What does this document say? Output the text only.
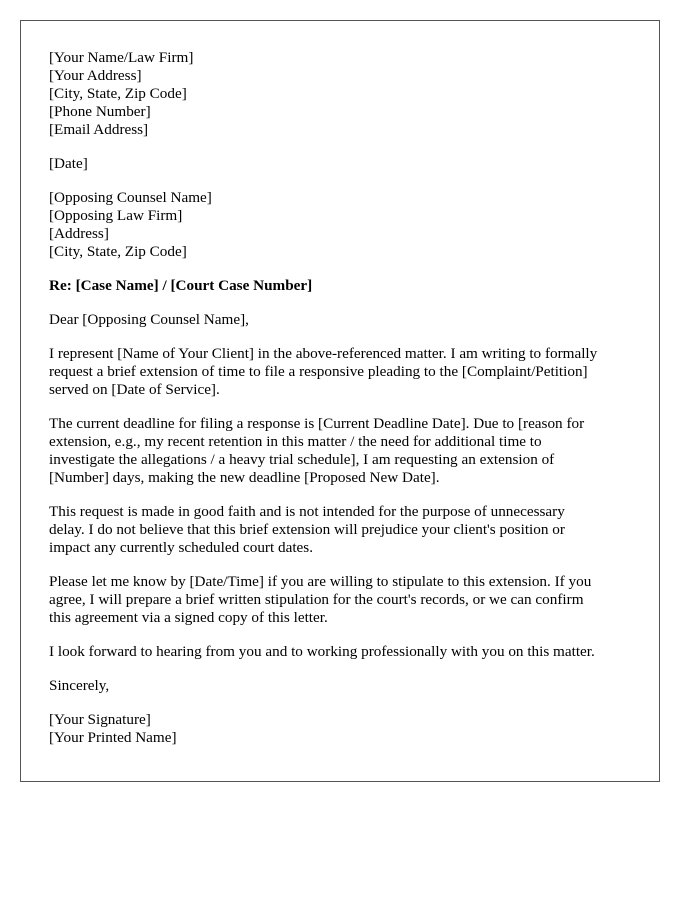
[Your Name/Law Firm]
[Your Address]
[City, State, Zip Code]
[Phone Number]
[Email Address]
[Date]
[Opposing Counsel Name]
[Opposing Law Firm]
[Address]
[City, State, Zip Code]
Re: [Case Name] / [Court Case Number]
Dear [Opposing Counsel Name],
I represent [Name of Your Client] in the above-referenced matter. I am writing to formally
request a brief extension of time to file a responsive pleading to the [Complaint/Petition]
served on [Date of Service].
The current deadline for filing a response is [Current Deadline Date]. Due to [reason for
extension, e.g., my recent retention in this matter / the need for additional time to
investigate the allegations / a heavy trial schedule], I am requesting an extension of
[Number] days, making the new deadline [Proposed New Date].
This request is made in good faith and is not intended for the purpose of unnecessary
delay. I do not believe that this brief extension will prejudice your client's position or
impact any currently scheduled court dates.
Please let me know by [Date/Time] if you are willing to stipulate to this extension. If you
agree, I will prepare a brief written stipulation for the court's records, or we can confirm
this agreement via a signed copy of this letter.
I look forward to hearing from you and to working professionally with you on this matter.
Sincerely,
[Your Signature]
[Your Printed Name]
